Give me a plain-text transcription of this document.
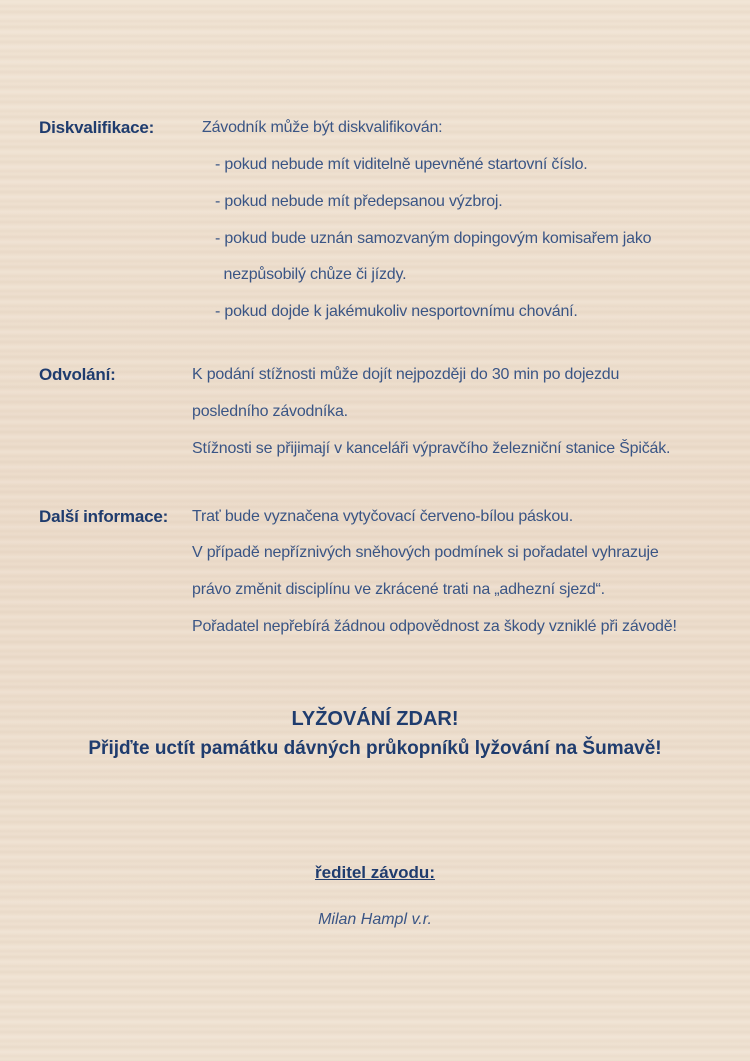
Diskvalifikace:	Závodník může být diskvalifikován:
- pokud nebude mít viditelně upevněné startovní číslo.
- pokud nebude mít předepsanou výzbroj.
- pokud bude uznán samozvaným dopingovým komisařem jako
nezpůsobilý chůze či jízdy.
- pokud dojde k jakémukoliv nesportovnímu chování.
Odvolání:	K podání stížnosti může dojít nejpozději do 30 min po dojezdu
posledního závodníka.
Stížnosti se přijimají v kanceláři výpravčího železniční stanice Špičák.
Další informace: Trať bude vyznačena vytyčovací červeno-bílou páskou.
V případě nepříznivých sněhových podmínek si pořadatel vyhrazuje
právo změnit disciplínu ve zkrácené trati na „adhezní sjezd“.
Pořadatel nepřebírá žádnou odpovědnost za škody vzniklé při závodě!
LYŽOVÁNÍ ZDAR!
Přijďte uctít památku dávných průkopníků lyžování na Šumavě!
ředitel závodu:
Milan Hampl v.r.
